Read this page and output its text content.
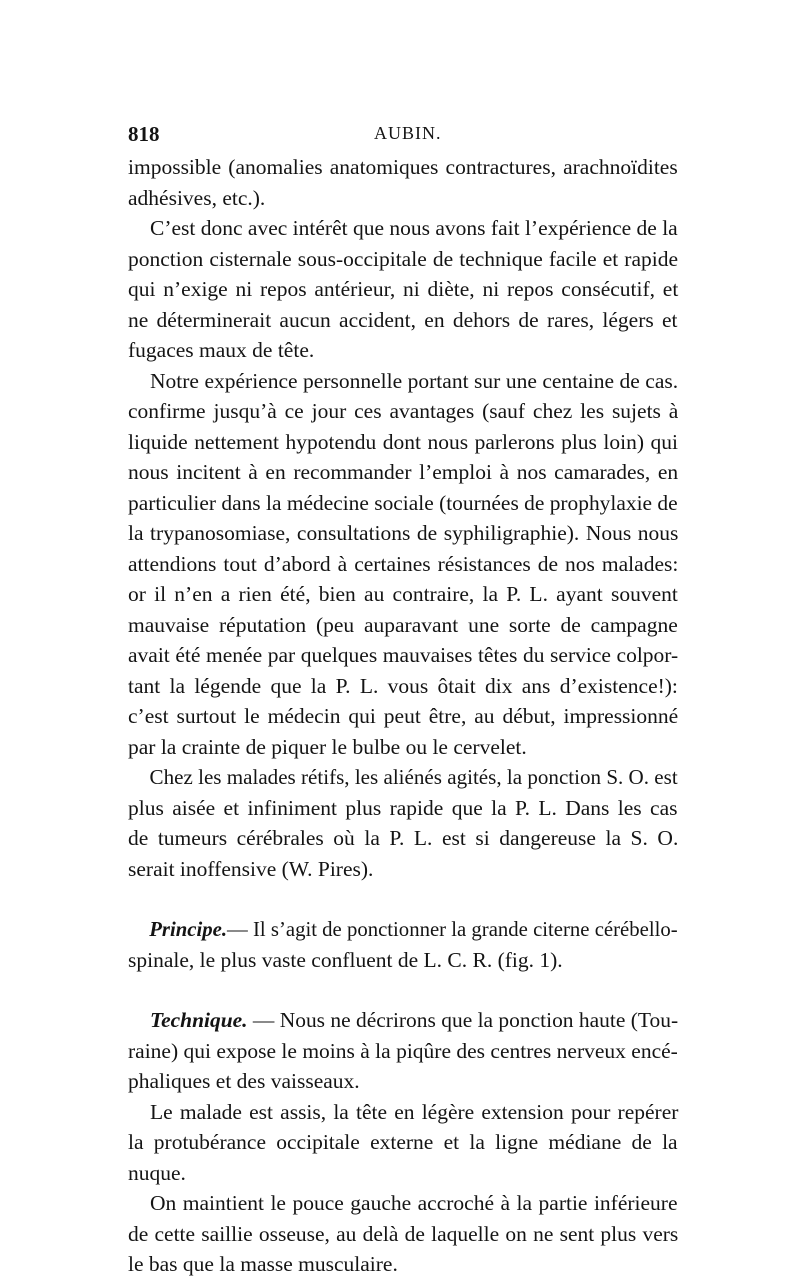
818	AUBIN.
impossible (anomalies anatomiques contractures, arachnoïdites
adhésives, etc.).
C’est donc avec intérêt que nous avons fait l’expérience de la
ponction cisternale sous-occipitale de technique facile et rapide
qui n’exige ni repos antérieur, ni diète, ni repos consécutif, et
ne déterminerait aucun accident, en dehors de rares, légers et
fugaces maux de tête.
Notre expérience personnelle portant sur une centaine de cas.
confirme jusqu’à ce jour ces avantages (sauf chez les sujets à
liquide nettement hypotendu dont nous parlerons plus loin) qui
nous incitent à en recommander l’emploi à nos camarades, en
particulier dans la médecine sociale (tournées de prophylaxie de
la trypanosomiase, consultations de syphiligraphie). Nous nous
attendions tout d’abord à certaines résistances de nos malades:
or il n’en a rien été, bien au contraire, la P. L. ayant souvent
mauvaise réputation (peu auparavant une sorte de campagne
avait été menée par quelques mauvaises têtes du service colpor-
tant la légende que la P. L. vous ôtait dix ans d’existence!):
c’est surtout le médecin qui peut être, au début, impressionné
par la crainte de piquer le bulbe ou le cervelet.
Chez les malades rétifs, les aliénés agités, la ponction S. O. est
plus aisée et infiniment plus rapide que la P. L. Dans les cas
de tumeurs cérébrales où la P. L. est si dangereuse la S. O.
serait inoffensive (W. Pires).
Principe.— Il s’agit de ponctionner la grande citerne cérébello-
spinale, le plus vaste confluent de L. C. R. (fig. 1).
Technique. — Nous ne décrirons que la ponction haute (Tou-
raine) qui expose le moins à la piqûre des centres nerveux encé-
phaliques et des vaisseaux.
Le malade est assis, la tête en légère extension pour repérer
la protubérance occipitale externe et la ligne médiane de la
nuque.
On maintient le pouce gauche accroché à la partie inférieure
de cette saillie osseuse, au delà de laquelle on ne sent plus vers
le bas que la masse musculaire.
